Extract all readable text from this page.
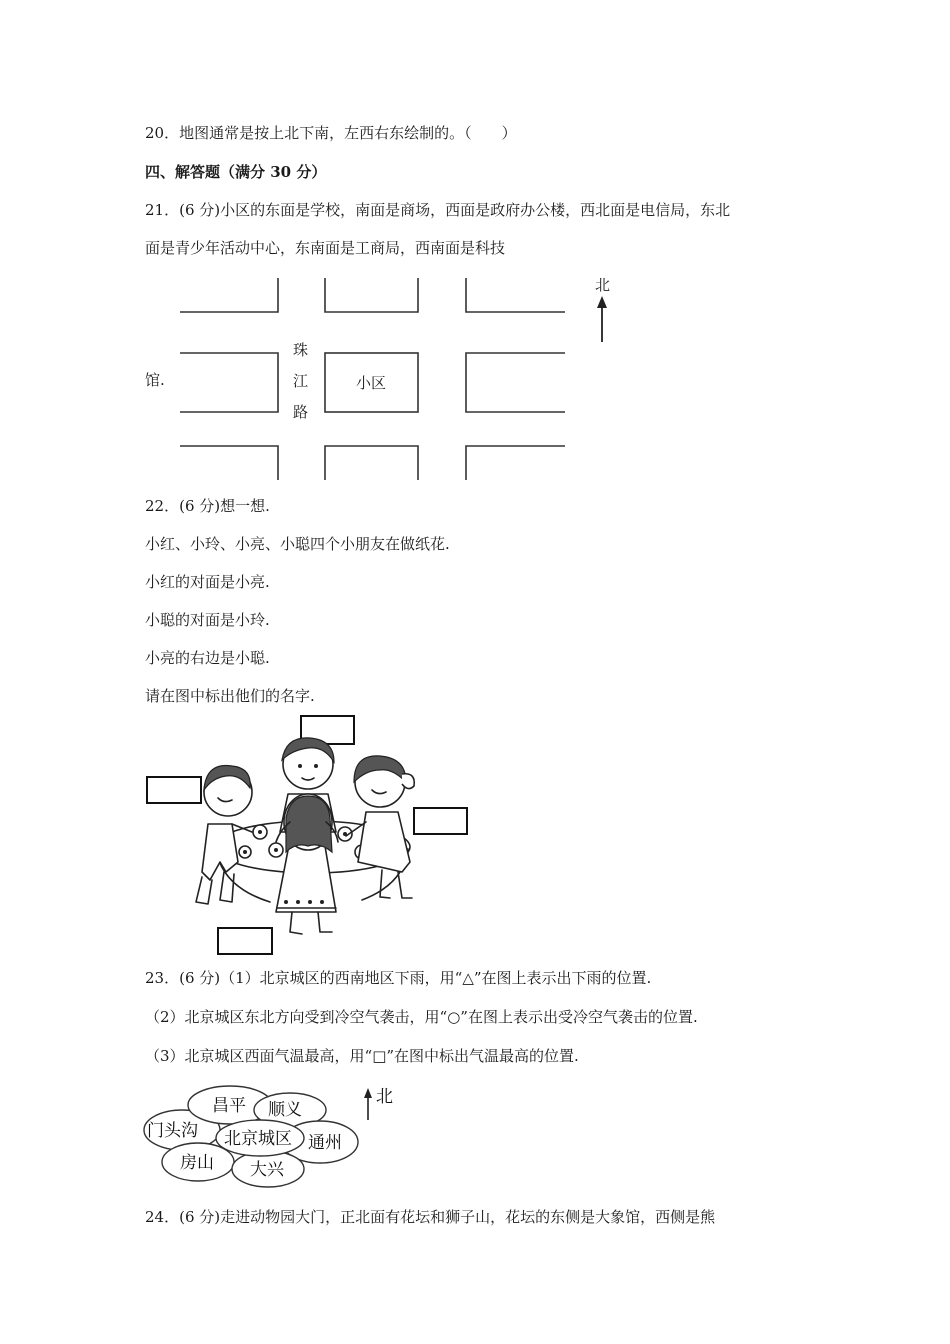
20．地图通常是按上北下南，左西右东绘制的。（　　）
四、解答题（满分 30 分）
21．(6 分)小区的东面是学校，南面是商场，西面是政府办公楼，西北面是电信局，东北
面是青少年活动中心，东南面是工商局，西南面是科技
馆.
珠
江
路
小区
北
22．(6 分)想一想.
小红、小玲、小亮、小聪四个小朋友在做纸花.
小红的对面是小亮.
小聪的对面是小玲.
小亮的右边是小聪.
请在图中标出他们的名字.
23．(6 分)（1）北京城区的西南地区下雨，用“△”在图上表示出下雨的位置.
（2）北京城区东北方向受到冷空气袭击，用“○”在图上表示出受冷空气袭击的位置.
（3）北京城区西面气温最高，用“□”在图中标出气温最高的位置.
昌平 顺义
门头沟 北京城区 通州
房山 大兴
北
24．(6 分)走进动物园大门，正北面有花坛和狮子山，花坛的东侧是大象馆，西侧是熊
